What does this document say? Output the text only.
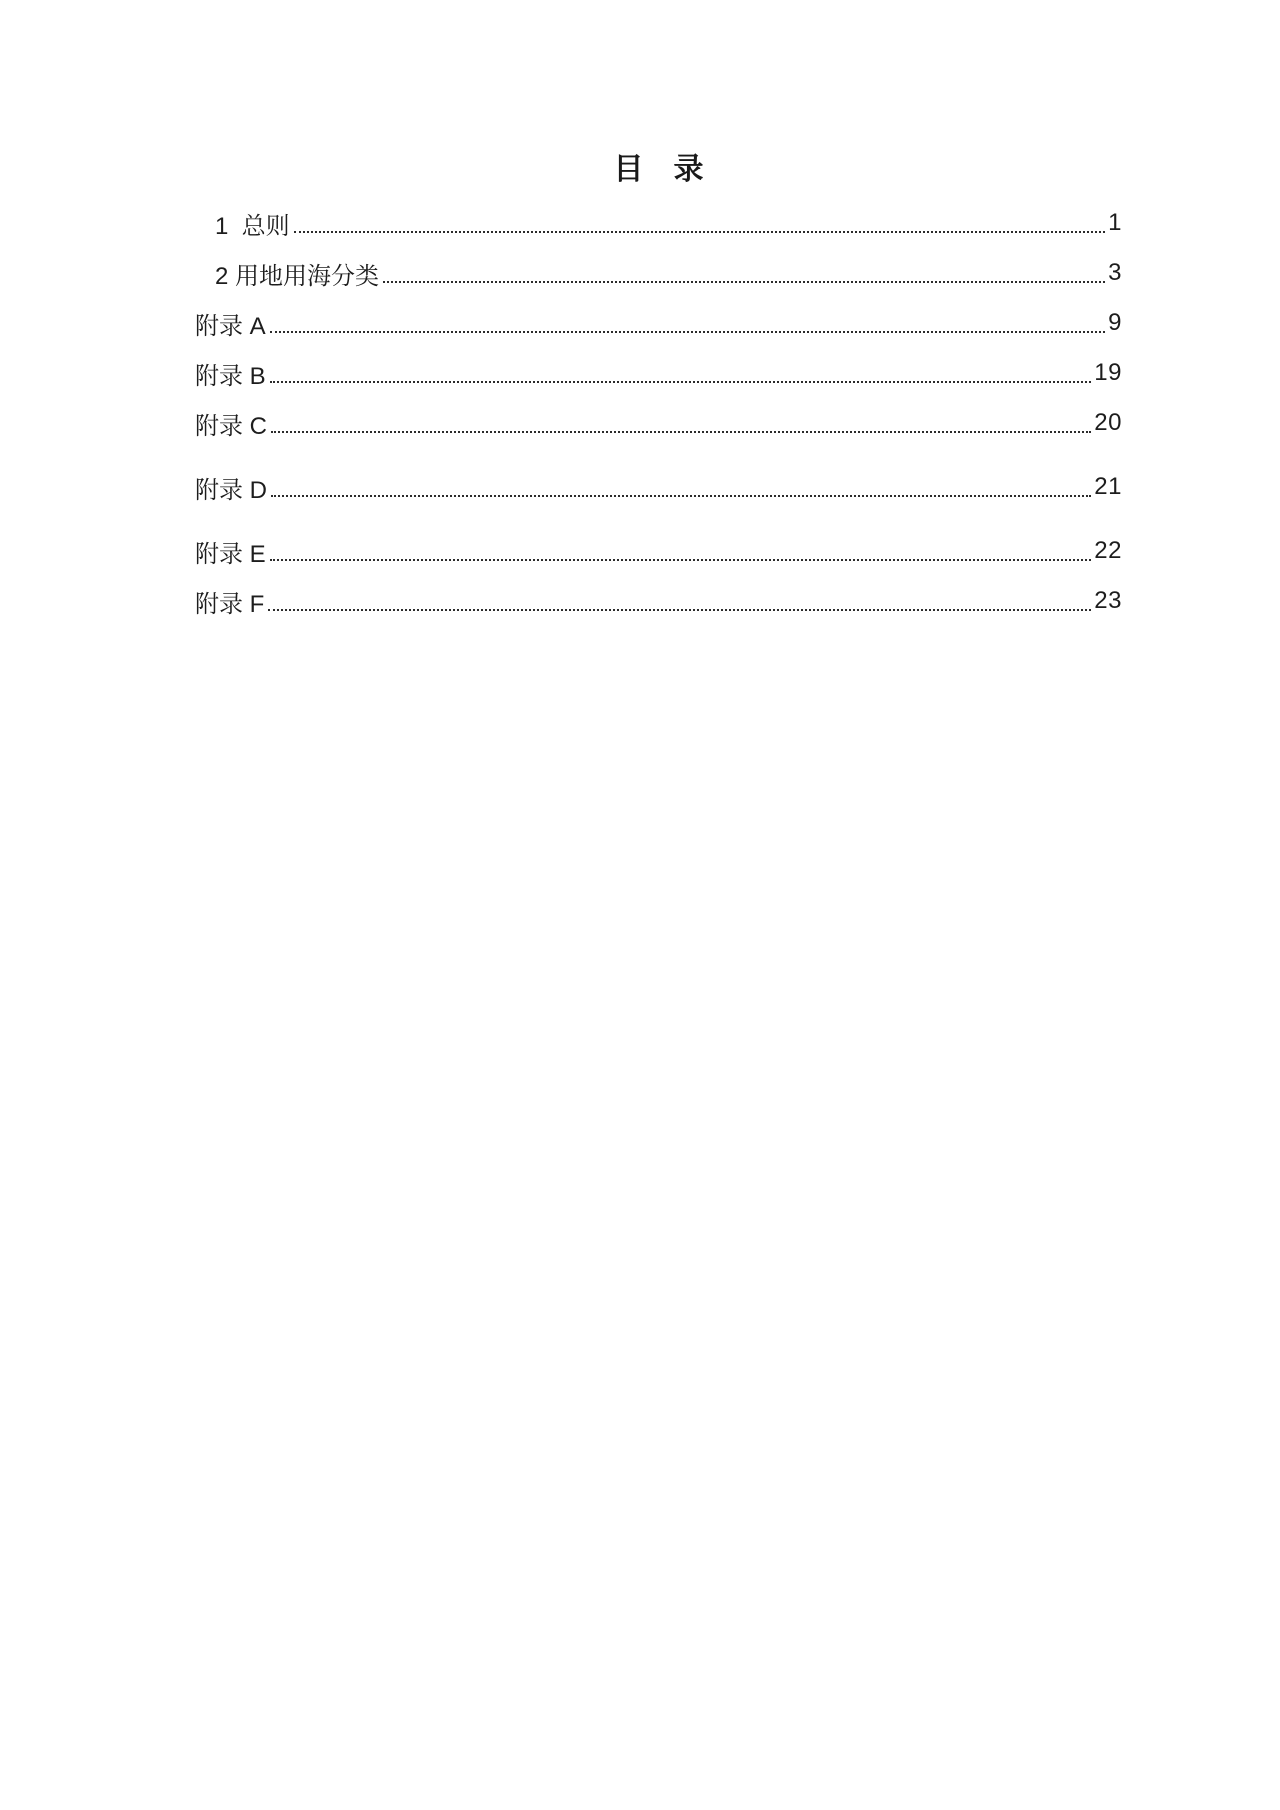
目　录
1  总则	1
2 用地用海分类	3
附录 A	9
附录 B	19
附录 C	20
附录 D	21
附录 E	22
附录 F	23
